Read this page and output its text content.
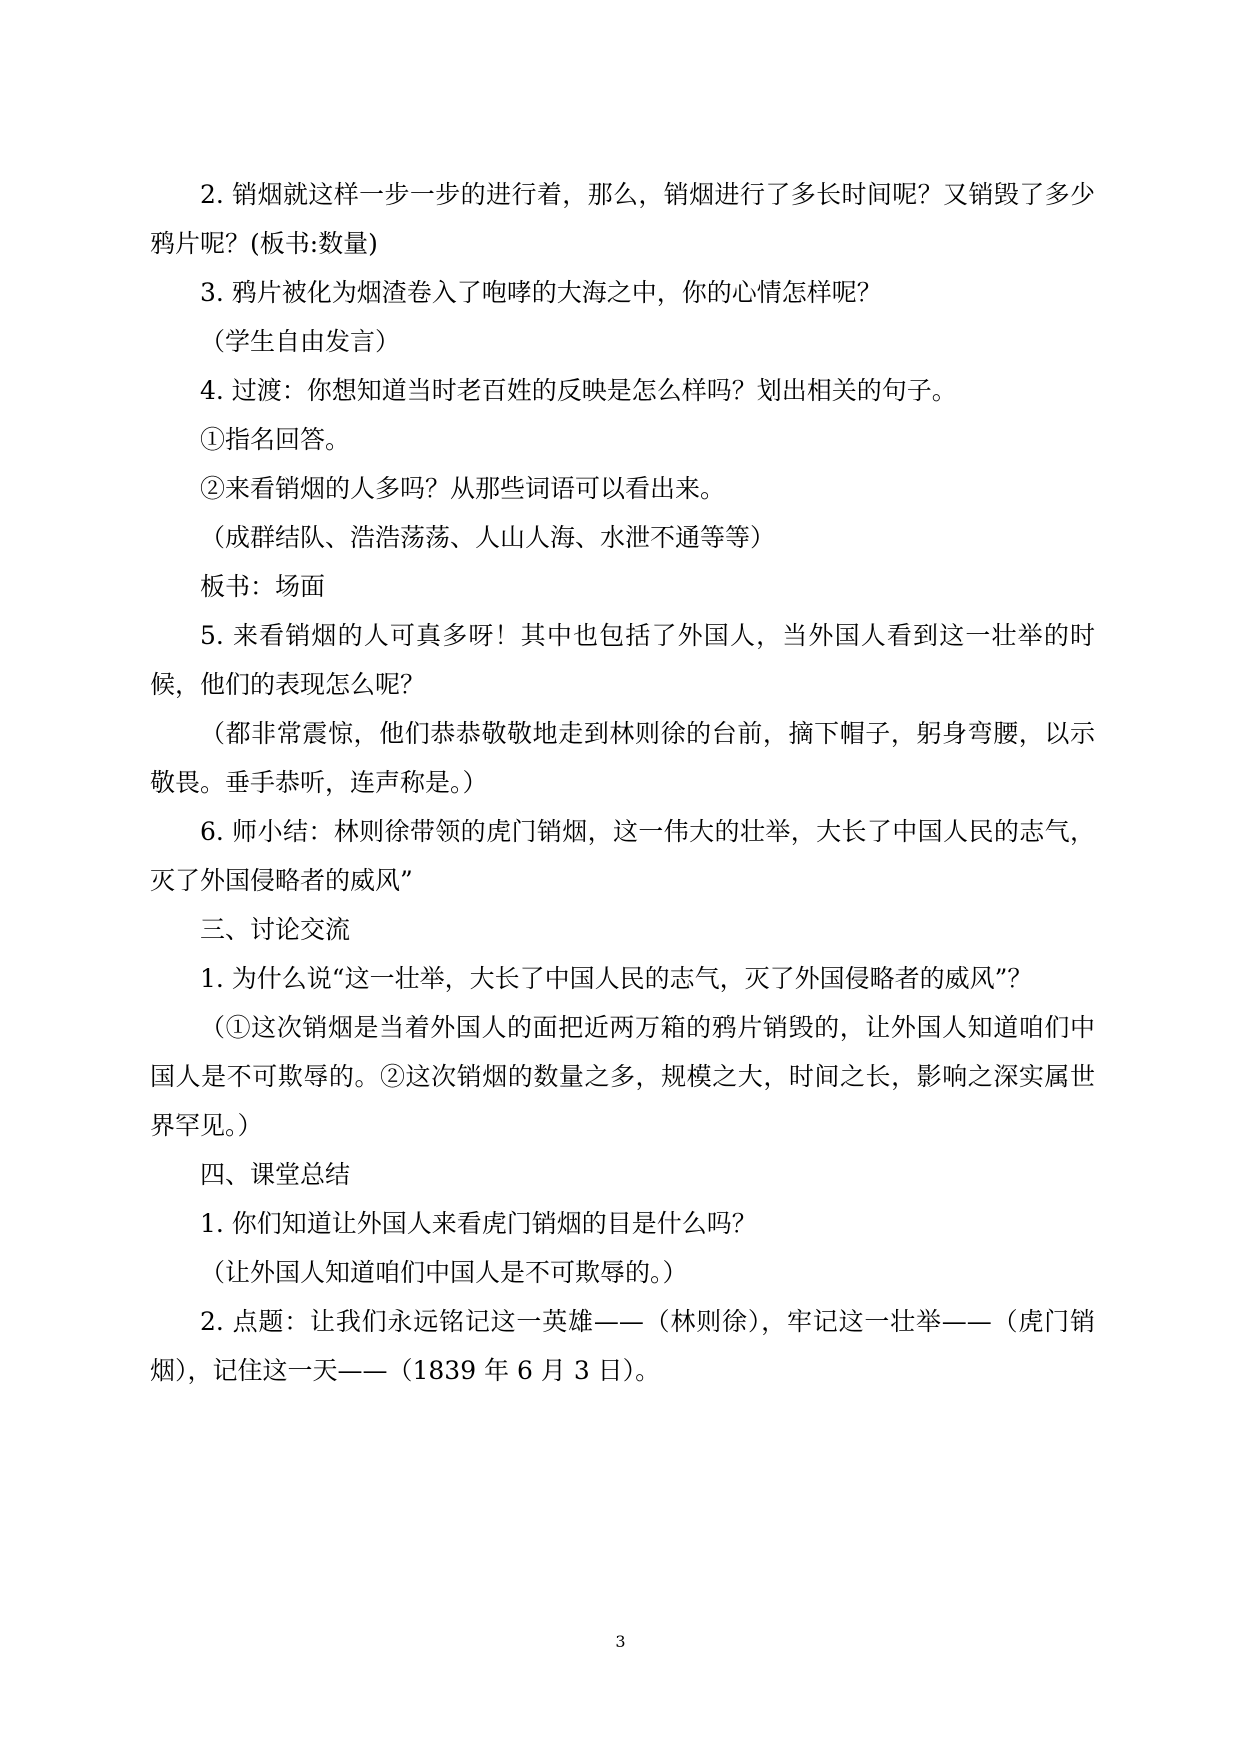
2. 销烟就这样一步一步的进行着，那么，销烟进行了多长时间呢？又销毁了多少鸦片呢？(板书:数量)

3. 鸦片被化为烟渣卷入了咆哮的大海之中，你的心情怎样呢？

（学生自由发言）

4. 过渡：你想知道当时老百姓的反映是怎么样吗？划出相关的句子。

①指名回答。

②来看销烟的人多吗？从那些词语可以看出来。

（成群结队、浩浩荡荡、人山人海、水泄不通等等）

板书：场面

5. 来看销烟的人可真多呀！其中也包括了外国人，当外国人看到这一壮举的时候，他们的表现怎么呢？

（都非常震惊，他们恭恭敬敬地走到林则徐的台前，摘下帽子，躬身弯腰，以示敬畏。垂手恭听，连声称是。）

6. 师小结：林则徐带领的虎门销烟，这一伟大的壮举，大长了中国人民的志气，灭了外国侵略者的威风”

三、讨论交流

1. 为什么说“这一壮举，大长了中国人民的志气，灭了外国侵略者的威风”？

（①这次销烟是当着外国人的面把近两万箱的鸦片销毁的，让外国人知道咱们中国人是不可欺辱的。②这次销烟的数量之多，规模之大，时间之长，影响之深实属世界罕见。）

四、课堂总结

1. 你们知道让外国人来看虎门销烟的目是什么吗？

（让外国人知道咱们中国人是不可欺辱的。）

2. 点题：让我们永远铭记这一英雄——（林则徐），牢记这一壮举——（虎门销烟），记住这一天——（1839 年 6 月 3 日）。

3
